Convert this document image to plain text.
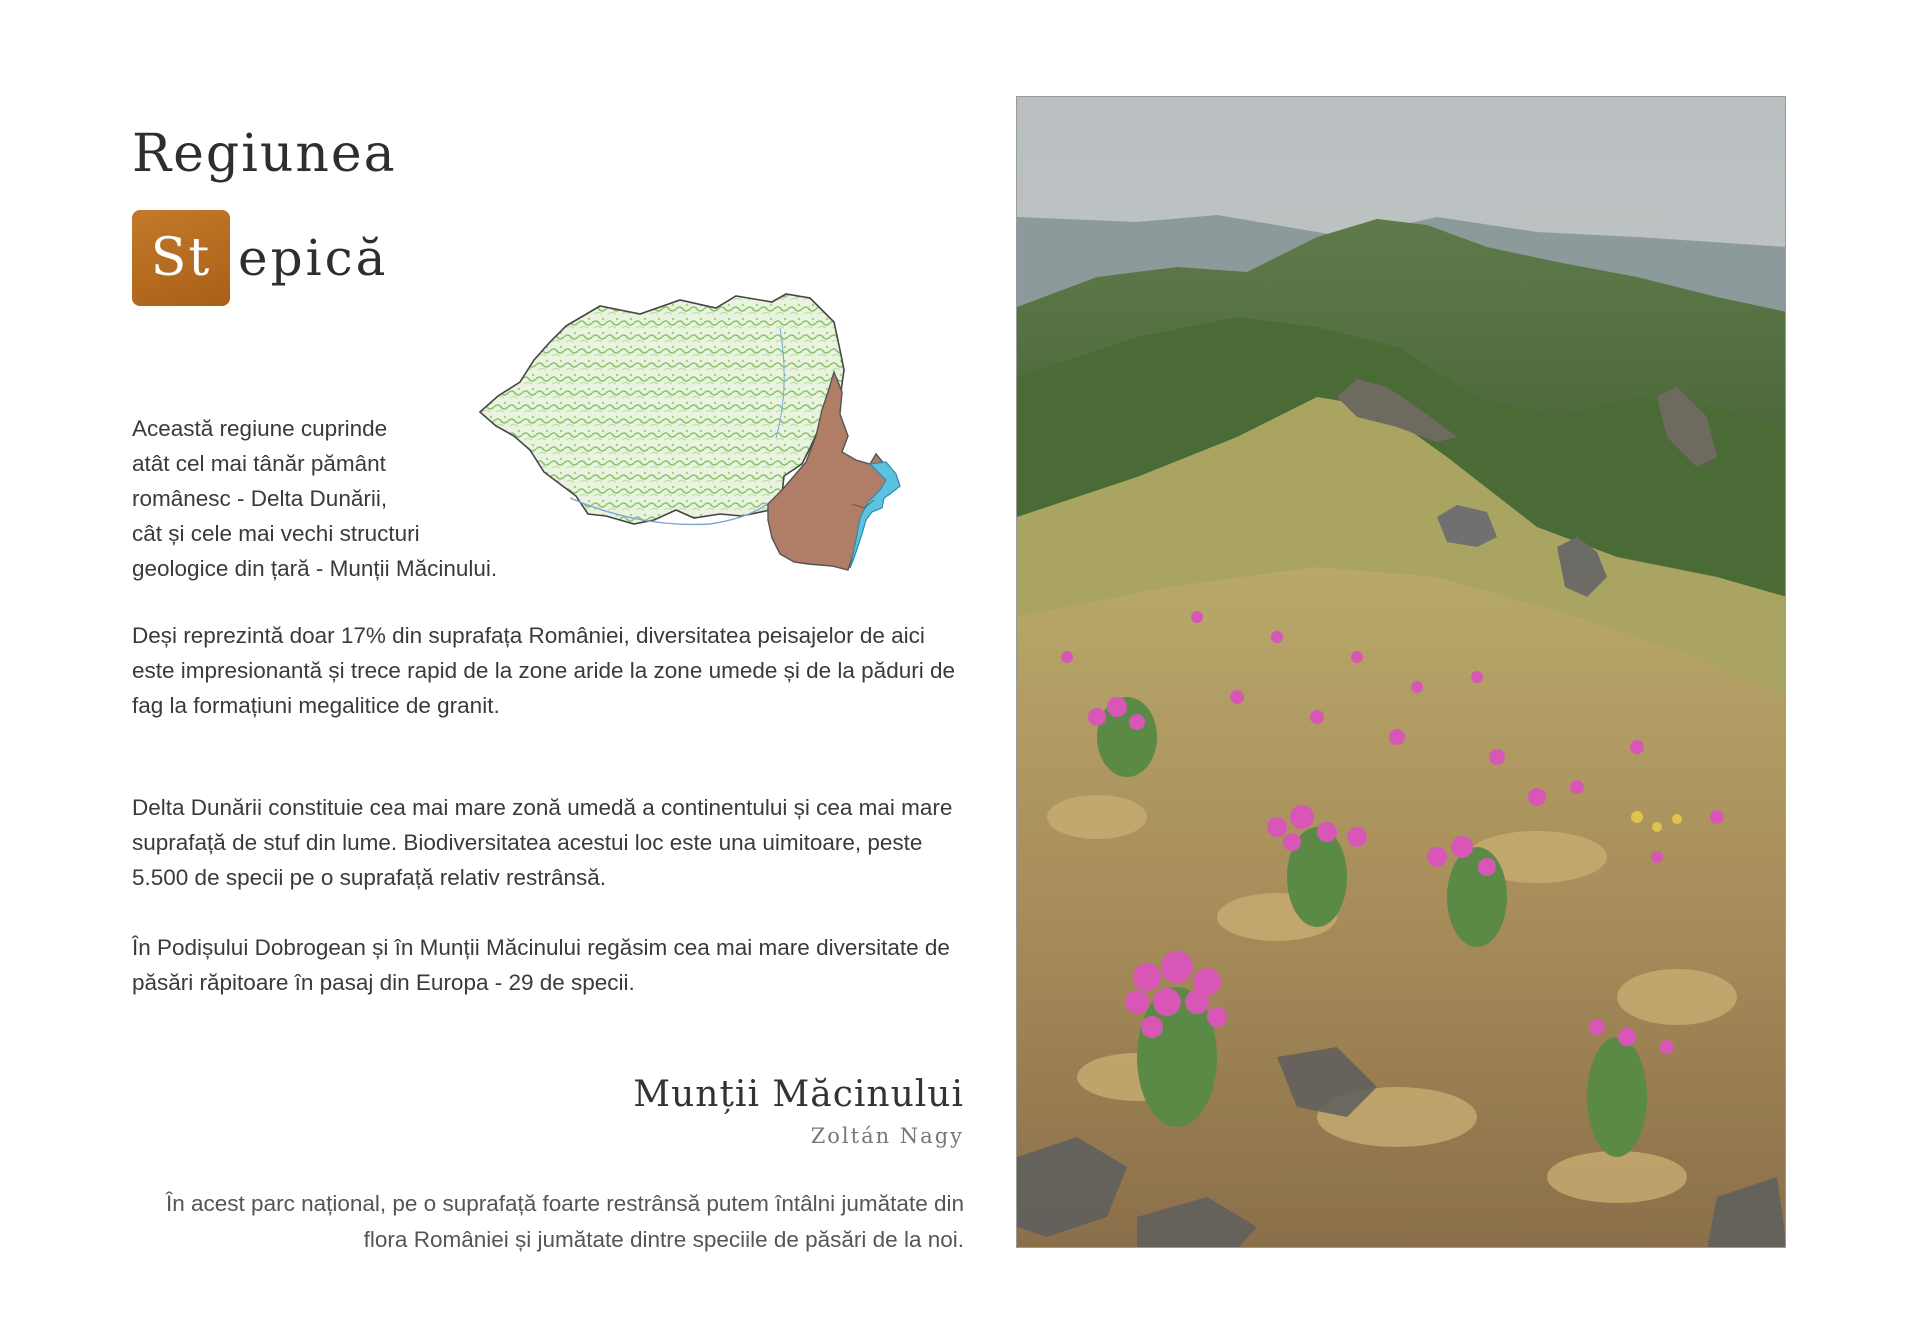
Regiunea
St epică
Această regiune cuprinde
atât cel mai tânăr pământ
românesc - Delta Dunării,
cât și cele mai vechi structuri
geologice din țară - Munții Măcinului.
Deși reprezintă doar 17% din suprafața României, diversitatea peisajelor de aici este impresionantă și trece rapid de la zone aride la zone umede și de la păduri de fag la formațiuni megalitice de granit.
Delta Dunării constituie cea mai mare zonă umedă a continentului și cea mai mare suprafață de stuf din lume. Biodiversitatea acestui loc este una uimitoare, peste 5.500 de specii pe o suprafață relativ restrânsă.
În Podișului Dobrogean și în Munții Măcinului regăsim cea mai mare diversitate de păsări răpitoare în pasaj din Europa - 29 de specii.
Munții Măcinului
Zoltán Nagy
În acest parc național, pe o suprafață foarte restrânsă putem întâlni jumătate din flora României și jumătate dintre speciile de păsări de la noi.
